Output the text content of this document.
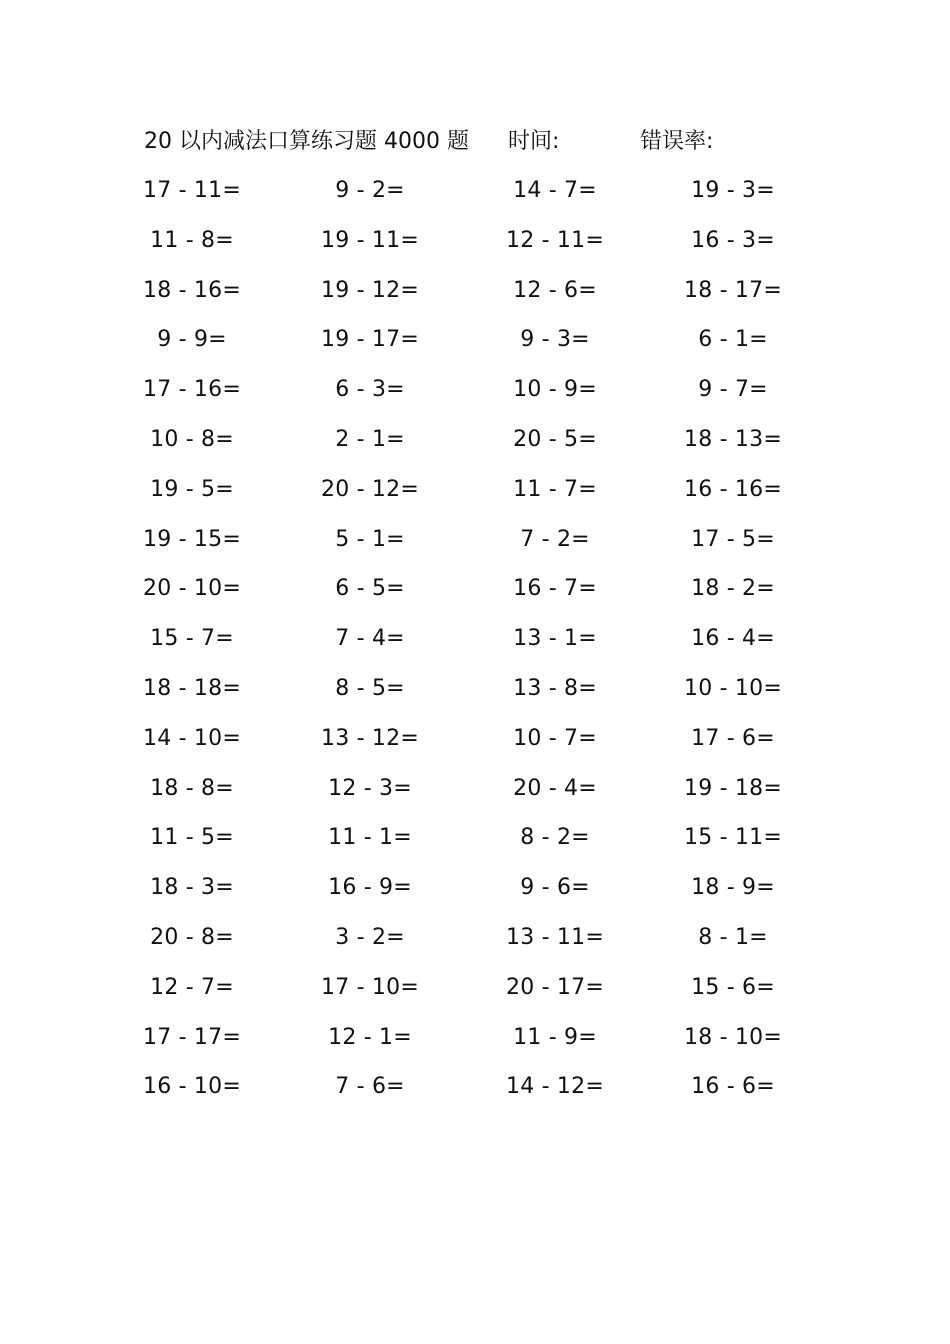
20 以内减法口算练习题 4000 题 时间:	错误率:
17 - 11=	9 - 2=	14 - 7=	19 - 3=
11 - 8=	19 - 11=	12 - 11=	16 - 3=
18 - 16=	19 - 12=	12 - 6=	18 - 17=
9 - 9=	19 - 17=	9 - 3=	6 - 1=
17 - 16=	6 - 3=	10 - 9=	9 - 7=
10 - 8=	2 - 1=	20 - 5=	18 - 13=
19 - 5=	20 - 12=	11 - 7=	16 - 16=
19 - 15=	5 - 1=	7 - 2=	17 - 5=
20 - 10=	6 - 5=	16 - 7=	18 - 2=
15 - 7=	7 - 4=	13 - 1=	16 - 4=
18 - 18=	8 - 5=	13 - 8=	10 - 10=
14 - 10=	13 - 12=	10 - 7=	17 - 6=
18 - 8=	12 - 3=	20 - 4=	19 - 18=
11 - 5=	11 - 1=	8 - 2=	15 - 11=
18 - 3=	16 - 9=	9 - 6=	18 - 9=
20 - 8=	3 - 2=	13 - 11=	8 - 1=
12 - 7=	17 - 10=	20 - 17=	15 - 6=
17 - 17=	12 - 1=	11 - 9=	18 - 10=
16 - 10=	7 - 6=	14 - 12=	16 - 6=
